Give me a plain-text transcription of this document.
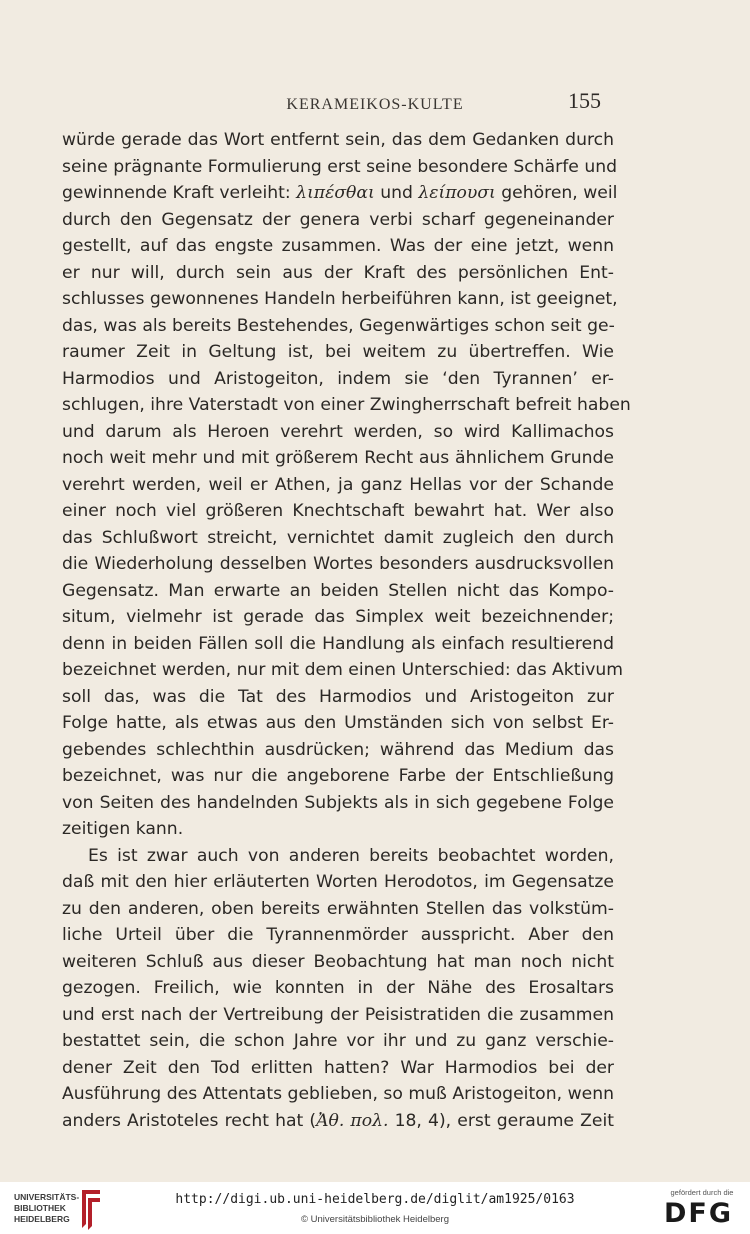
KERAMEIKOS-KULTE	155
würde gerade das Wort entfernt sein, das dem Gedanken durch
seine prägnante Formulierung erst seine besondere Schärfe und
gewinnende Kraft verleiht: λιπέσθαι und λείπουσι gehören, weil
durch den Gegensatz der genera verbi scharf gegeneinander
gestellt, auf das engste zusammen. Was der eine jetzt, wenn
er nur will, durch sein aus der Kraft des persönlichen Ent-
schlusses gewonnenes Handeln herbeiführen kann, ist geeignet,
das, was als bereits Bestehendes, Gegenwärtiges schon seit ge-
raumer Zeit in Geltung ist, bei weitem zu übertreffen. Wie
Harmodios und Aristogeiton, indem sie ‘den Tyrannen’ er-
schlugen, ihre Vaterstadt von einer Zwingherrschaft befreit haben
und darum als Heroen verehrt werden, so wird Kallimachos
noch weit mehr und mit größerem Recht aus ähnlichem Grunde
verehrt werden, weil er Athen, ja ganz Hellas vor der Schande
einer noch viel größeren Knechtschaft bewahrt hat. Wer also
das Schlußwort streicht, vernichtet damit zugleich den durch
die Wiederholung desselben Wortes besonders ausdrucksvollen
Gegensatz. Man erwarte an beiden Stellen nicht das Kompo-
situm, vielmehr ist gerade das Simplex weit bezeichnender;
denn in beiden Fällen soll die Handlung als einfach resultierend
bezeichnet werden, nur mit dem einen Unterschied: das Aktivum
soll das, was die Tat des Harmodios und Aristogeiton zur
Folge hatte, als etwas aus den Umständen sich von selbst Er-
gebendes schlechthin ausdrücken; während das Medium das
bezeichnet, was nur die angeborene Farbe der Entschließung
von Seiten des handelnden Subjekts als in sich gegebene Folge
zeitigen kann.
Es ist zwar auch von anderen bereits beobachtet worden,
daß mit den hier erläuterten Worten Herodotos, im Gegensatze
zu den anderen, oben bereits erwähnten Stellen das volkstüm-
liche Urteil über die Tyrannenmörder ausspricht. Aber den
weiteren Schluß aus dieser Beobachtung hat man noch nicht
gezogen. Freilich, wie konnten in der Nähe des Erosaltars
und erst nach der Vertreibung der Peisistratiden die zusammen
bestattet sein, die schon Jahre vor ihr und zu ganz verschie-
dener Zeit den Tod erlitten hatten? War Harmodios bei der
Ausführung des Attentats geblieben, so muß Aristogeiton, wenn
anders Aristoteles recht hat (Ἀθ. πολ. 18, 4), erst geraume Zeit
UNIVERSITÄTS-
BIBLIOTHEK
HEIDELBERG
http://digi.ub.uni-heidelberg.de/diglit/am1925/0163
© Universitätsbibliothek Heidelberg
gefördert durch die
DFG
